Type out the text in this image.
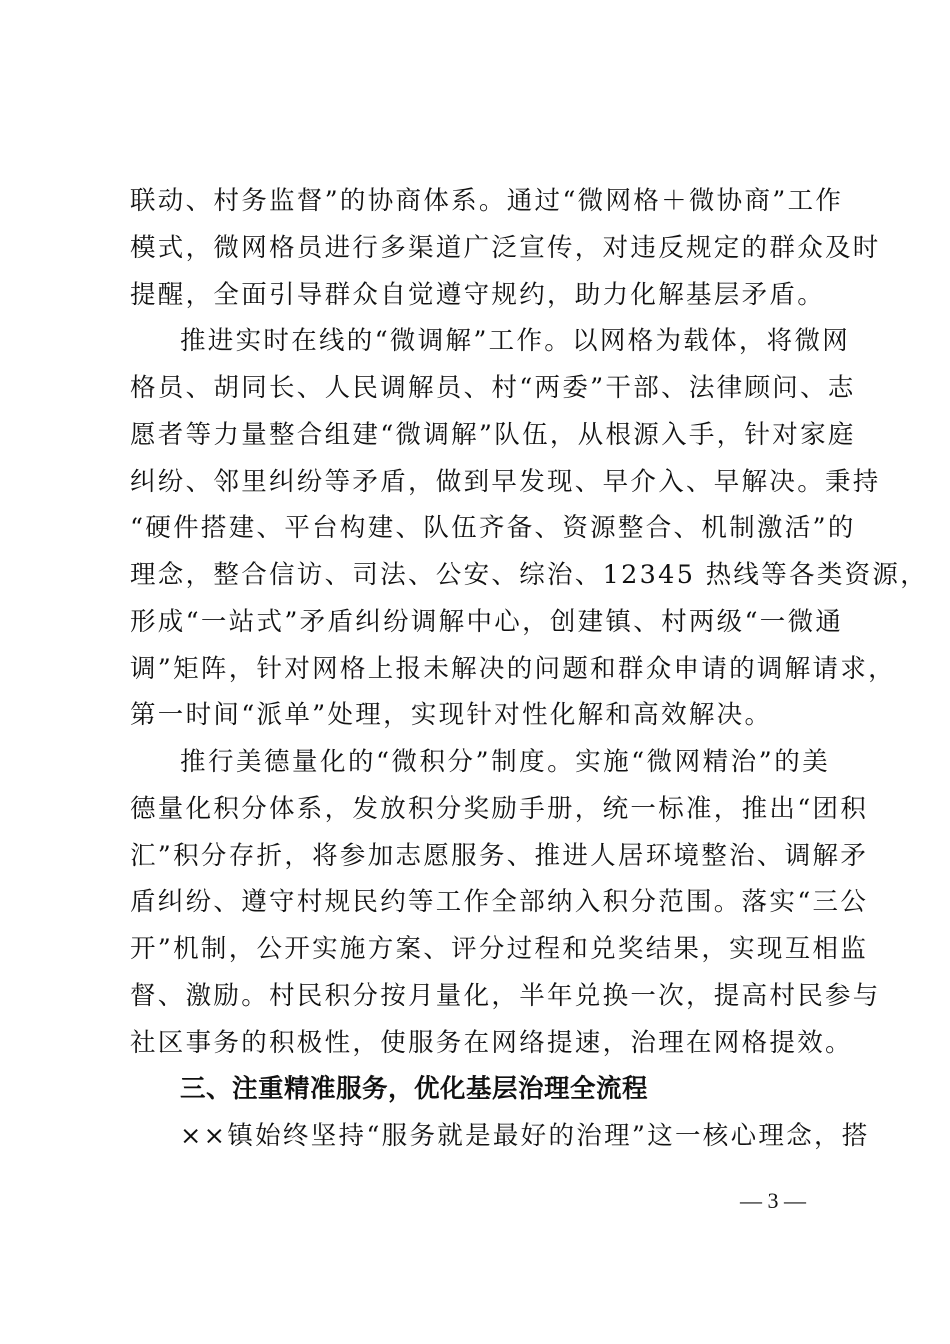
联动、村务监督”的协商体系。通过“微网格＋微协商”工作
模式，微网格员进行多渠道广泛宣传，对违反规定的群众及时
提醒，全面引导群众自觉遵守规约，助力化解基层矛盾。
推进实时在线的“微调解”工作。以网格为载体，将微网
格员、胡同长、人民调解员、村“两委”干部、法律顾问、志
愿者等力量整合组建“微调解”队伍，从根源入手，针对家庭
纠纷、邻里纠纷等矛盾，做到早发现、早介入、早解决。秉持
“硬件搭建、平台构建、队伍齐备、资源整合、机制激活”的
理念，整合信访、司法、公安、综治、12345 热线等各类资源，
形成“一站式”矛盾纠纷调解中心，创建镇、村两级“一微通
调”矩阵，针对网格上报未解决的问题和群众申请的调解请求，
第一时间“派单”处理，实现针对性化解和高效解决。
推行美德量化的“微积分”制度。实施“微网精治”的美
德量化积分体系，发放积分奖励手册，统一标准，推出“团积
汇”积分存折，将参加志愿服务、推进人居环境整治、调解矛
盾纠纷、遵守村规民约等工作全部纳入积分范围。落实“三公
开”机制，公开实施方案、评分过程和兑奖结果，实现互相监
督、激励。村民积分按月量化，半年兑换一次，提高村民参与
社区事务的积极性，使服务在网络提速，治理在网格提效。
三、注重精准服务，优化基层治理全流程
××镇始终坚持“服务就是最好的治理”这一核心理念，搭
— 3 —
